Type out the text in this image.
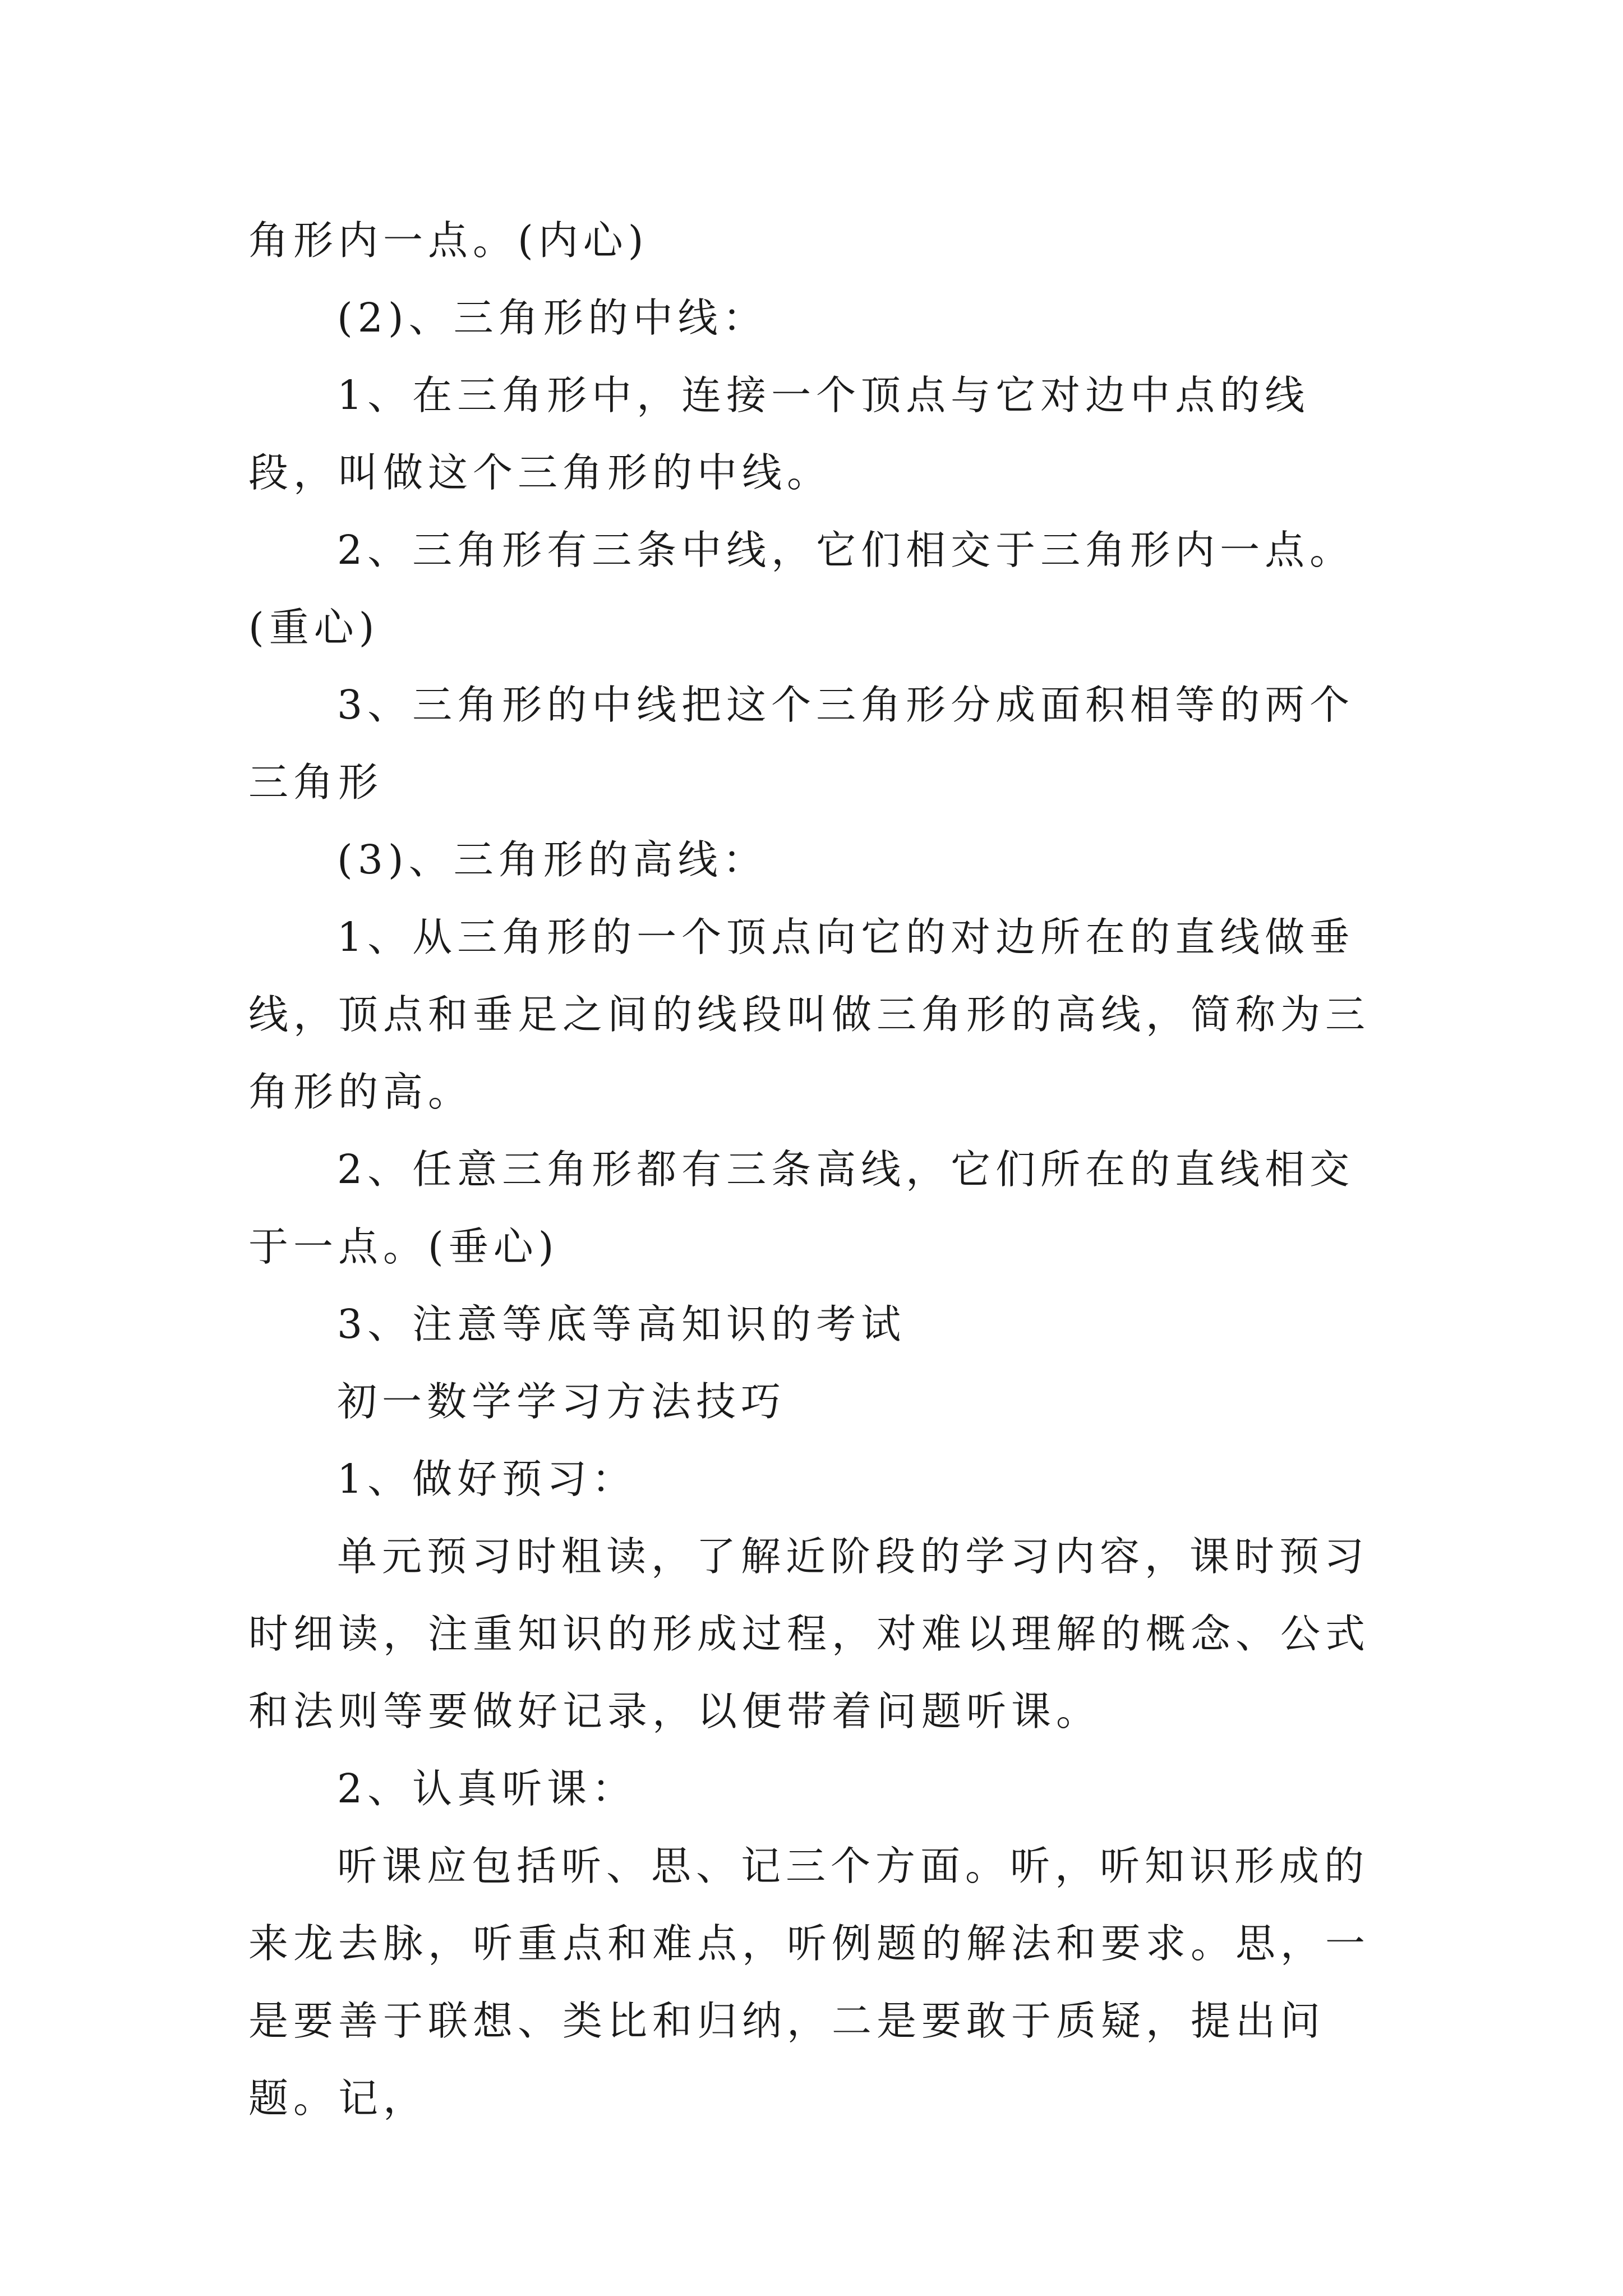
角形内一点。(内心)

(2)、三角形的中线：

1、在三角形中，连接一个顶点与它对边中点的线段，叫做这个三角形的中线。

2、三角形有三条中线，它们相交于三角形内一点。(重心)

3、三角形的中线把这个三角形分成面积相等的两个三角形

(3)、三角形的高线：

1、从三角形的一个顶点向它的对边所在的直线做垂线，顶点和垂足之间的线段叫做三角形的高线，简称为三角形的高。

2、任意三角形都有三条高线，它们所在的直线相交于一点。(垂心)

3、注意等底等高知识的考试

初一数学学习方法技巧

1、做好预习：

单元预习时粗读，了解近阶段的学习内容，课时预习时细读，注重知识的形成过程，对难以理解的概念、公式和法则等要做好记录，以便带着问题听课。

2、认真听课：

听课应包括听、思、记三个方面。听，听知识形成的来龙去脉，听重点和难点，听例题的解法和要求。思，一是要善于联想、类比和归纳，二是要敢于质疑，提出问题。记，
